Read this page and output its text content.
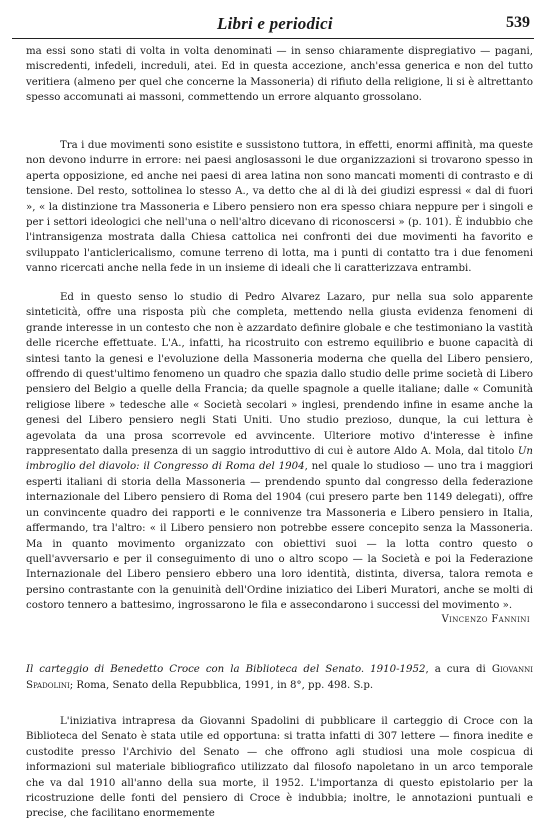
Libri e periodici	539

ma essi sono stati di volta in volta denominati — in senso chiaramente dispregiativo — pagani, miscredenti, infedeli, increduli, atei. Ed in questa accezione, anch'essa generica e non del tutto veritiera (almeno per quel che concerne la Massoneria) di rifiuto della religione, li si è altrettanto spesso accomunati ai massoni, commettendo un errore alquanto grossolano.

Tra i due movimenti sono esistite e sussistono tuttora, in effetti, enormi affinità, ma queste non devono indurre in errore: nei paesi anglosassoni le due organizzazioni si trovarono spesso in aperta opposizione, ed anche nei paesi di area latina non sono mancati momenti di contrasto e di tensione. Del resto, sottolinea lo stesso A., va detto che al di là dei giudizi espressi « dal di fuori », « la distinzione tra Massoneria e Libero pensiero non era spesso chiara neppure per i singoli e per i settori ideologici che nell'una o nell'altro dicevano di riconoscersi » (p. 101). È indubbio che l'intransigenza mostrata dalla Chiesa cattolica nei confronti dei due movimenti ha favorito e sviluppato l'anticlericalismo, comune terreno di lotta, ma i punti di contatto tra i due fenomeni vanno ricercati anche nella fede in un insieme di ideali che li caratterizzava entrambi.

Ed in questo senso lo studio di Pedro Alvarez Lazaro, pur nella sua solo apparente sinteticità, offre una risposta più che completa, mettendo nella giusta evidenza fenomeni di grande interesse in un contesto che non è azzardato definire globale e che testimoniano la vastità delle ricerche effettuate. L'A., infatti, ha ricostruito con estremo equilibrio e buone capacità di sintesi tanto la genesi e l'evoluzione della Massoneria moderna che quella del Libero pensiero, offrendo di quest'ultimo fenomeno un quadro che spazia dallo studio delle prime società di Libero pensiero del Belgio a quelle della Francia; da quelle spagnole a quelle italiane; dalle « Comunità religiose libere » tedesche alle « Società secolari » inglesi, prendendo infine in esame anche la genesi del Libero pensiero negli Stati Uniti. Uno studio prezioso, dunque, la cui lettura è agevolata da una prosa scorrevole ed avvincente. Ulteriore motivo d'interesse è infine rappresentato dalla presenza di un saggio introduttivo di cui è autore Aldo A. Mola, dal titolo Un imbroglio del diavolo: il Congresso di Roma del 1904, nel quale lo studioso — uno tra i maggiori esperti italiani di storia della Massoneria — prendendo spunto dal congresso della federazione internazionale del Libero pensiero di Roma del 1904 (cui presero parte ben 1149 delegati), offre un convincente quadro dei rapporti e le connivenze tra Massoneria e Libero pensiero in Italia, affermando, tra l'altro: « il Libero pensiero non potrebbe essere concepito senza la Massoneria. Ma in quanto movimento organizzato con obiettivi suoi — la lotta contro questo o quell'avversario e per il conseguimento di uno o altro scopo — la Società e poi la Federazione Internazionale del Libero pensiero ebbero una loro identità, distinta, diversa, talora remota e persino contrastante con la genuinità dell'Ordine iniziatico dei Liberi Muratori, anche se molti di costoro tennero a battesimo, ingrossarono le fila e assecondarono i successi del movimento ».

Vincenzo Fannini

Il carteggio di Benedetto Croce con la Biblioteca del Senato. 1910-1952, a cura di Giovanni Spadolini; Roma, Senato della Repubblica, 1991, in 8°, pp. 498. S.p.

L'iniziativa intrapresa da Giovanni Spadolini di pubblicare il carteggio di Croce con la Biblioteca del Senato è stata utile ed opportuna: si tratta infatti di 307 lettere — finora inedite e custodite presso l'Archivio del Senato — che offrono agli studiosi una mole cospicua di informazioni sul materiale bibliografico utilizzato dal filosofo napoletano in un arco temporale che va dal 1910 all'anno della sua morte, il 1952. L'importanza di questo epistolario per la ricostruzione delle fonti del pensiero di Croce è indubbia; inoltre, le annotazioni puntuali e precise, che facilitano enormemente
